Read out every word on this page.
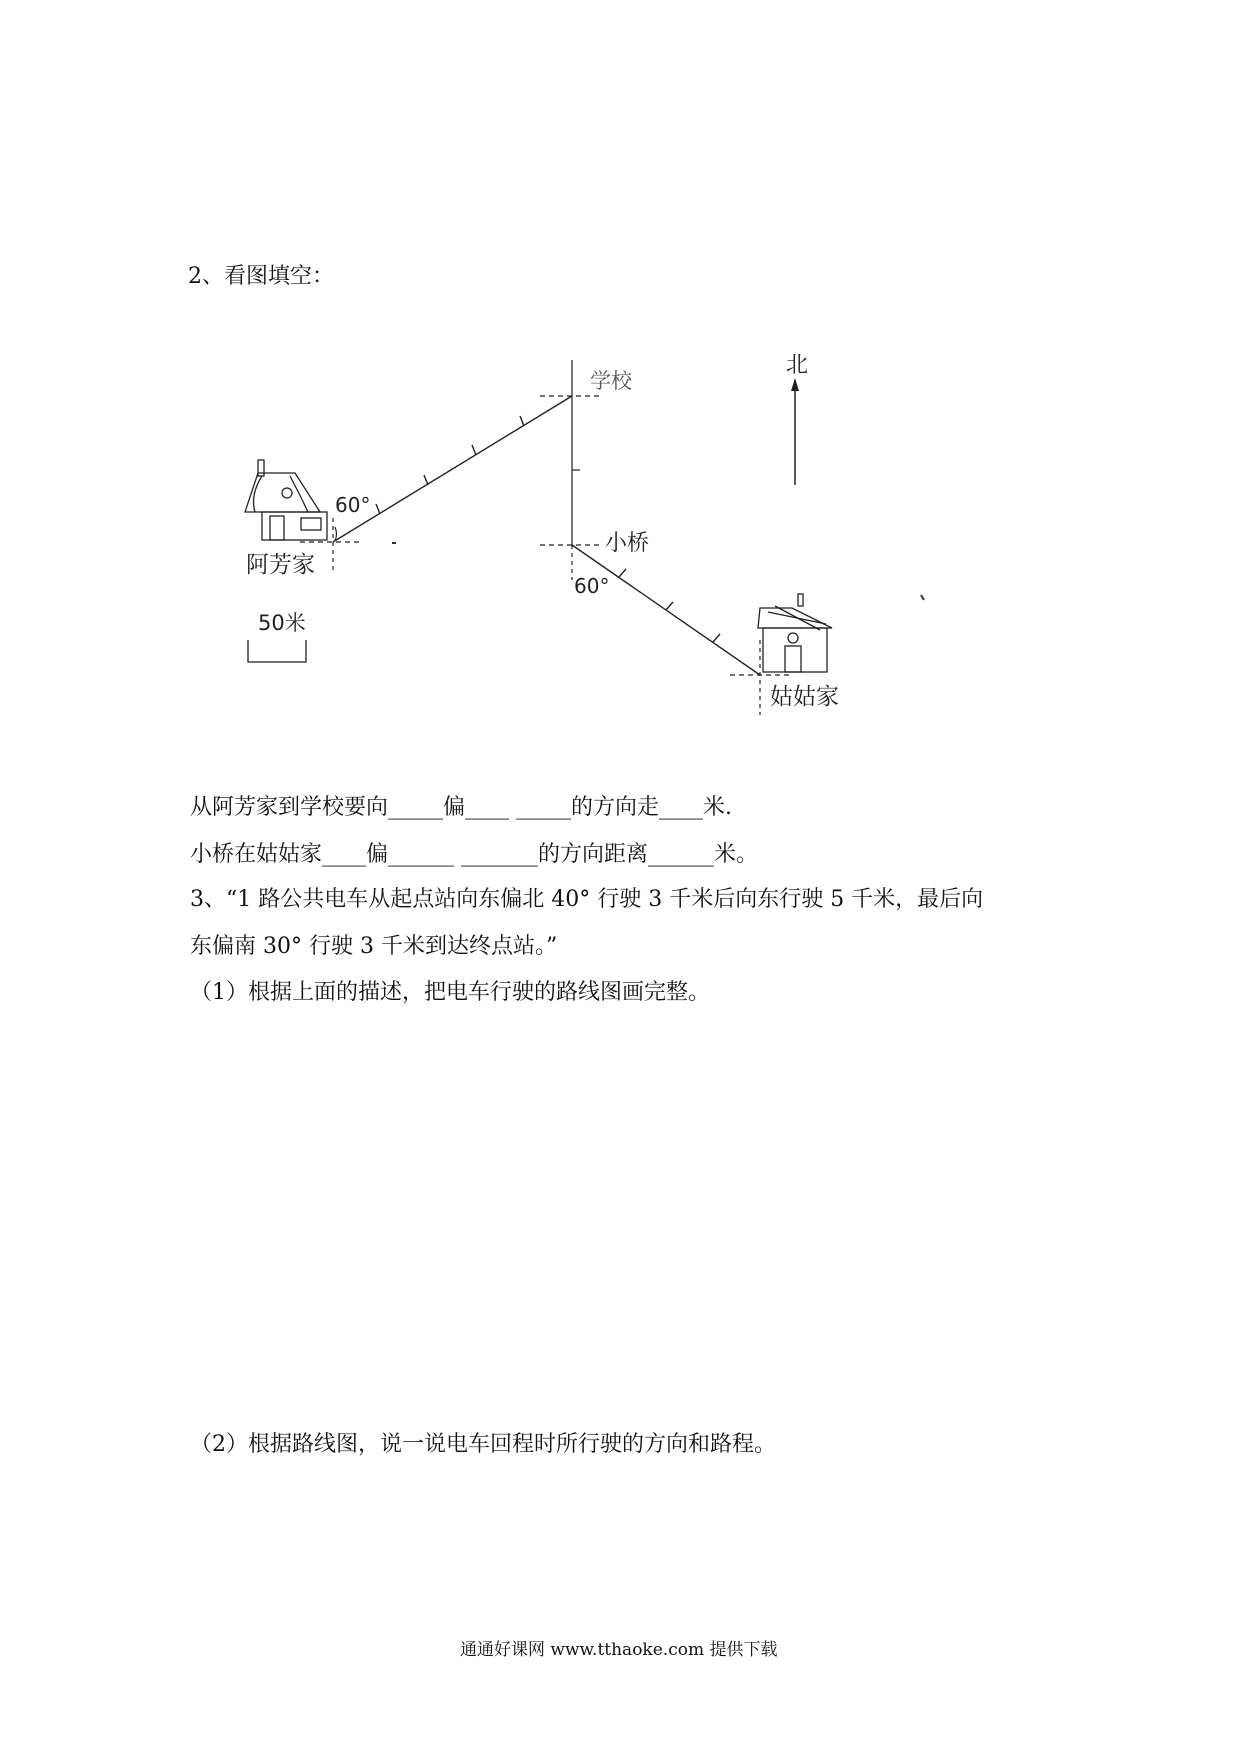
2、看图填空：
北
学校
60°
阿芳家
50米
小桥
60°
姑姑家
从阿芳家到学校要向_____偏____ _____的方向走____米.
小桥在姑姑家____偏______ _______的方向距离______米。
3、“1 路公共电车从起点站向东偏北 40° 行驶 3 千米后向东行驶 5 千米，最后向
东偏南 30° 行驶 3 千米到达终点站。”
（1）根据上面的描述，把电车行驶的路线图画完整。
（2）根据路线图，说一说电车回程时所行驶的方向和路程。
通通好课网 www.tthaoke.com 提供下载
